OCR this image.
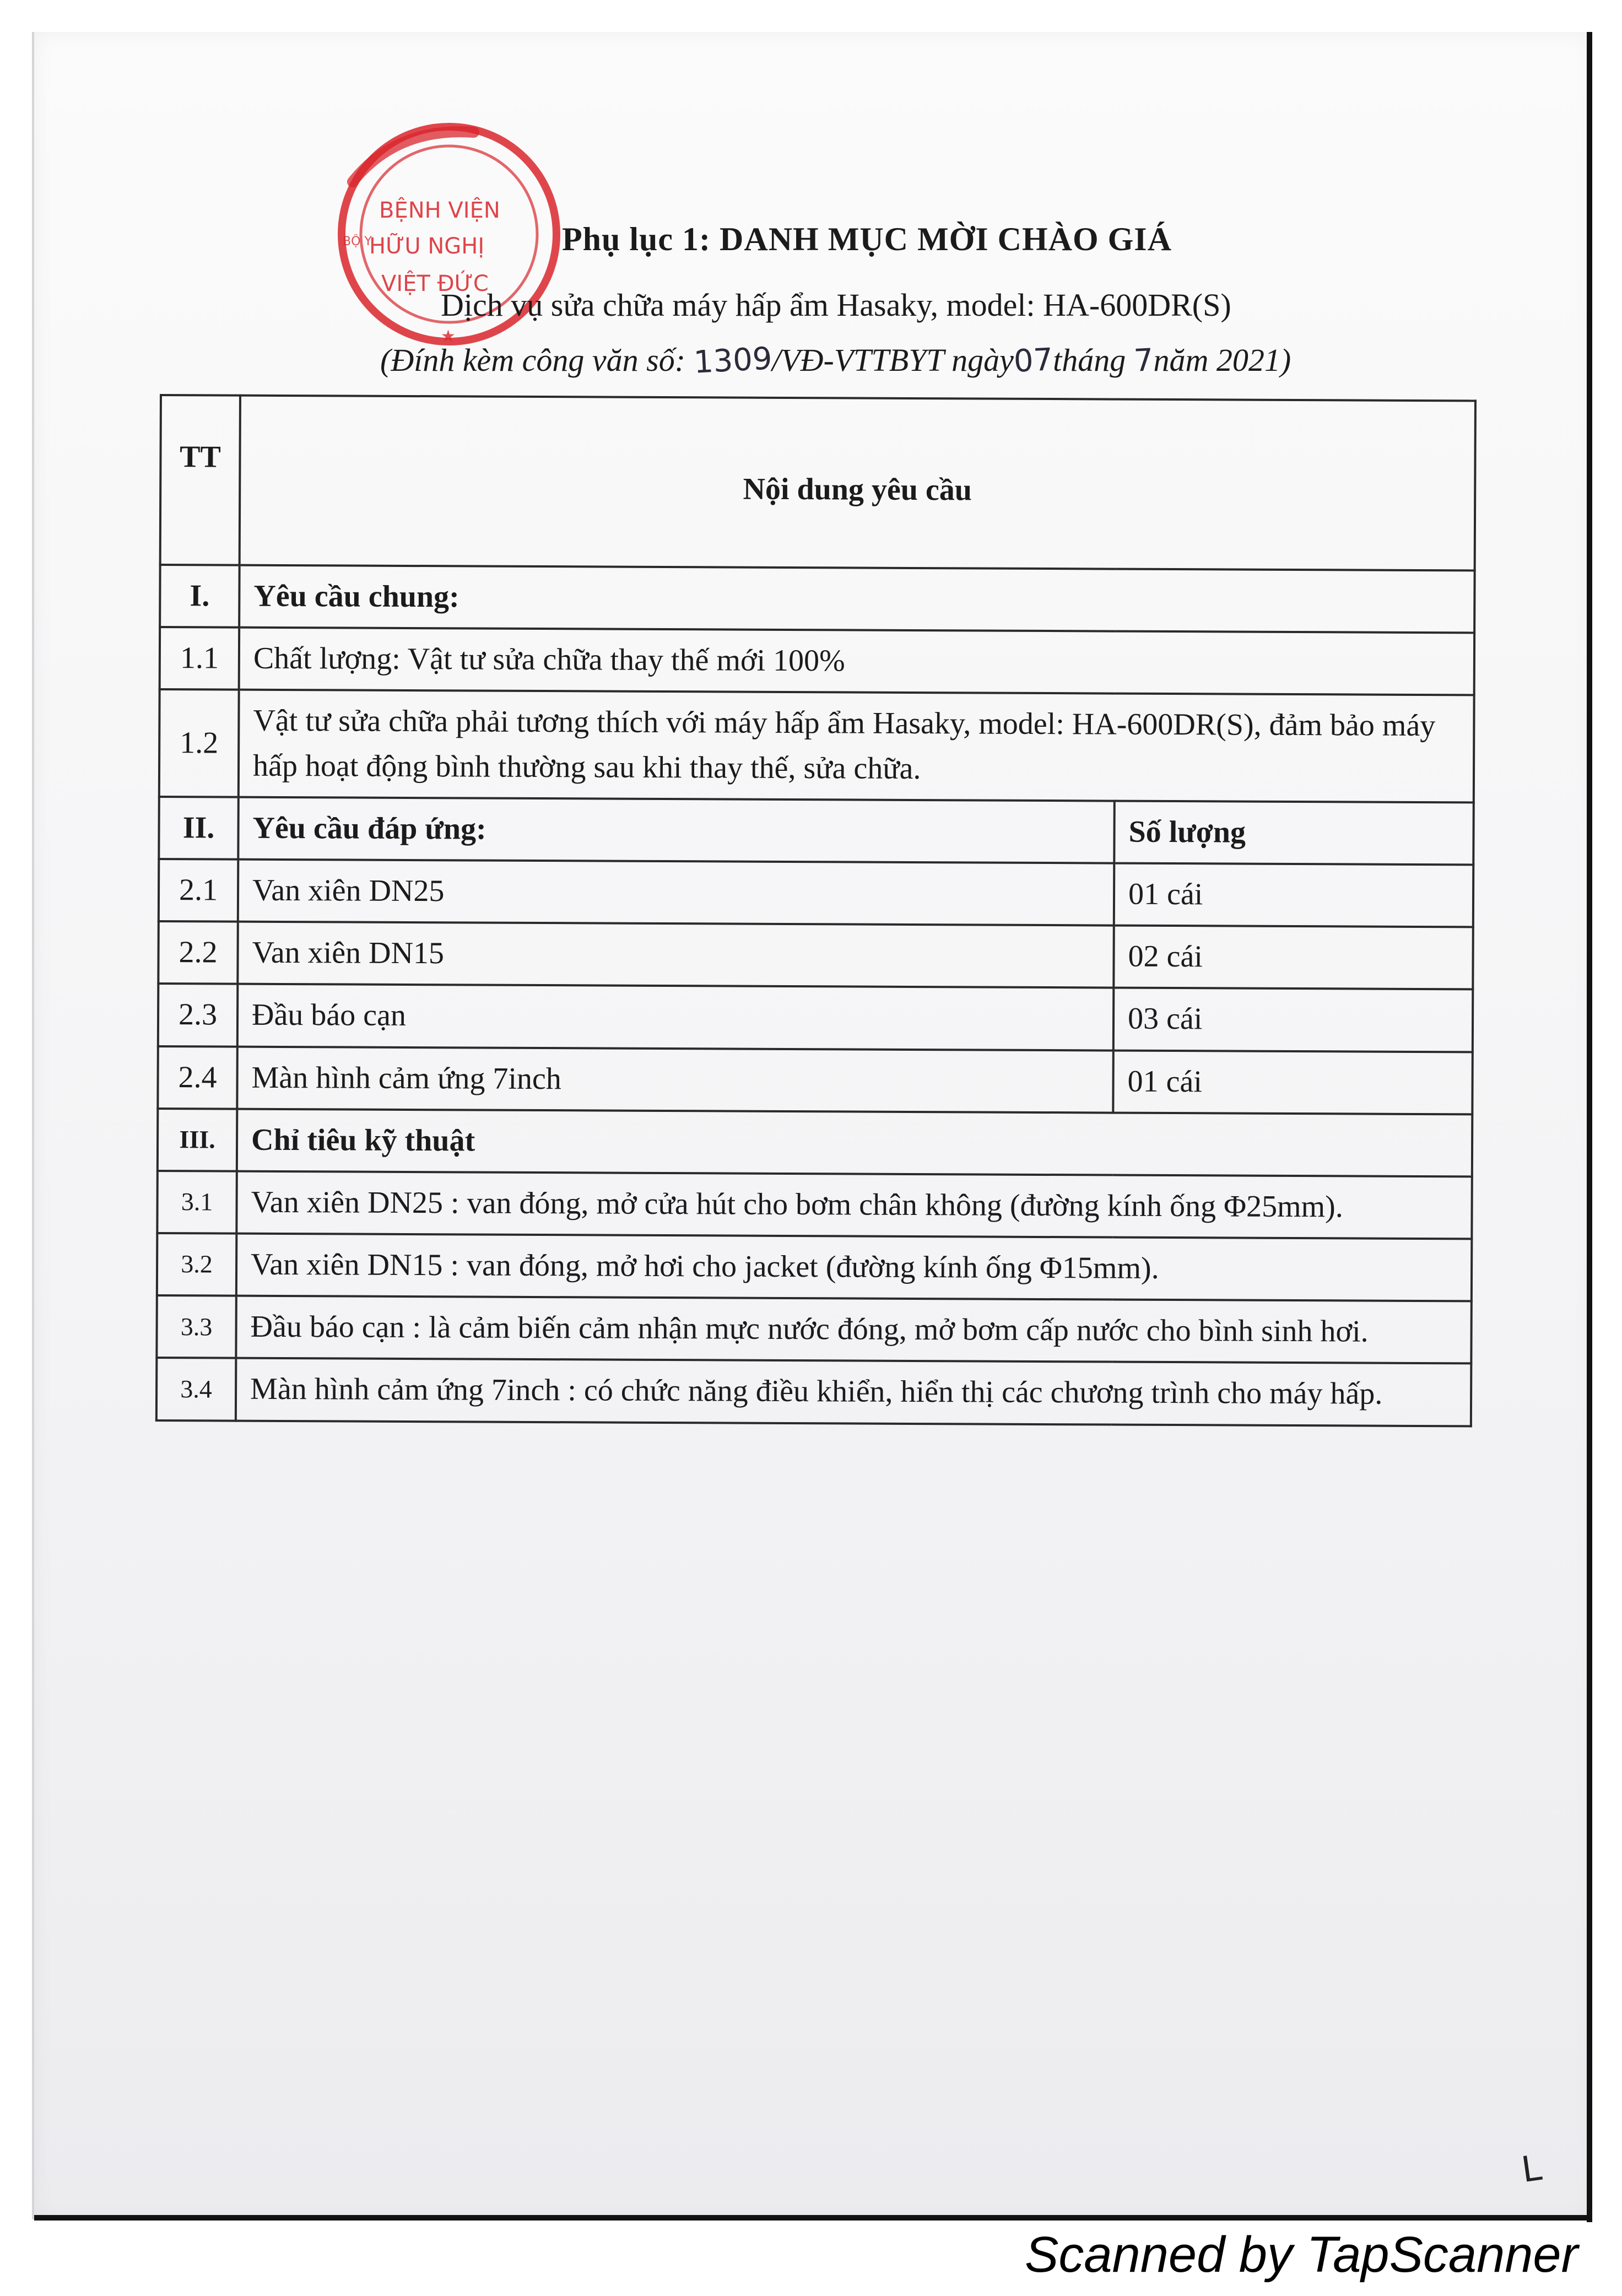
BỆNH VIỆN
HỮU NGHỊ
VIỆT ĐỨC
BỘ Y
★
Phụ lục 1: DANH MỤC MỜI CHÀO GIÁ
Dịch vụ sửa chữa máy hấp ẩm Hasaky, model: HA-600DR(S)
(Đính kèm công văn số: 1309/VĐ-VTTBYT ngày07tháng 7năm 2021)
TT	Nội dung yêu cầu	
I.	Yêu cầu chung:	
1.1	Chất lượng: Vật tư sửa chữa thay thế mới 100%	
1.2	Vật tư sửa chữa phải tương thích với máy hấp ẩm Hasaky, model: HA-600DR(S), đảm bảo máy hấp hoạt động bình thường sau khi thay thế, sửa chữa.	
II.	Yêu cầu đáp ứng:	Số lượng
2.1	Van xiên DN25	01 cái
2.2	Van xiên DN15	02 cái
2.3	Đầu báo cạn	03 cái
2.4	Màn hình cảm ứng 7inch	01 cái
III.	Chỉ tiêu kỹ thuật	
3.1	Van xiên DN25 : van đóng, mở cửa hút cho bơm chân không (đường kính ống Φ25mm).	
3.2	Van xiên DN15 : van đóng, mở hơi cho jacket (đường kính ống Φ15mm).	
3.3	Đầu báo cạn : là cảm biến cảm nhận mực nước đóng, mở bơm cấp nước cho bình sinh hơi.	
3.4	Màn hình cảm ứng 7inch : có chức năng điều khiển, hiển thị các chương trình cho máy hấp.	
L
Scanned by TapScanner
